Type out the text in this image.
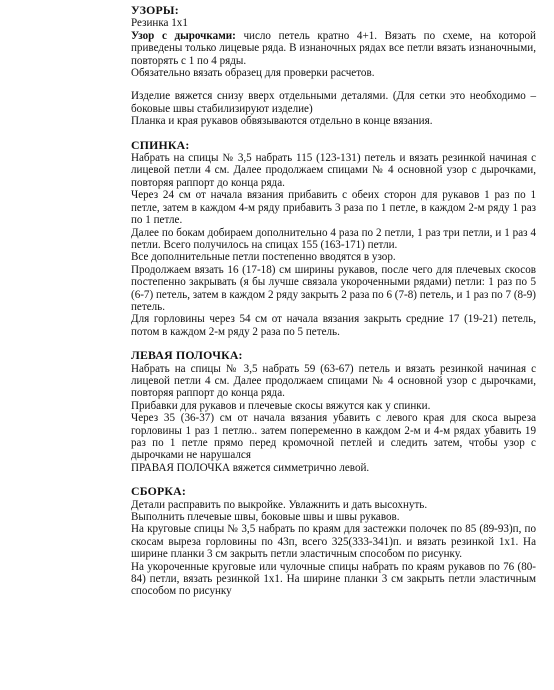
УЗОРЫ:

Резинка 1х1

Узор с дырочками: число петель кратно 4+1. Вязать по схеме, на которой приведены только лицевые ряда. В изнаночных рядах все петли вязать изнаночными, повторять с 1 по 4 ряды.

Обязательно вязать образец для проверки расчетов.

Изделие вяжется снизу вверх отдельными деталями. (Для сетки это необходимо – боковые швы стабилизируют изделие)

Планка и края рукавов обвязываются отдельно в конце вязания.

СПИНКА:

Набрать на спицы № 3,5 набрать 115 (123-131) петель и вязать резинкой начиная с лицевой петли 4 см. Далее продолжаем спицами № 4 основной узор с дырочками, повторяя раппорт до конца ряда.

Через 24 см от начала вязания прибавить с обеих сторон для рукавов 1 раз по 1 петле, затем в каждом 4-м ряду прибавить 3 раза по 1 петле, в каждом 2-м ряду 1 раз по 1 петле.

Далее по бокам добираем дополнительно 4 раза по 2 петли, 1 раз три петли, и 1 раз 4 петли. Всего получилось на спицах 155 (163-171) петли.

Все дополнительные петли постепенно вводятся в узор.

Продолжаем вязать 16 (17-18) см ширины рукавов, после чего для плечевых скосов постепенно закрывать (я бы лучше связала укороченными рядами) петли: 1 раз по 5 (6-7) петель, затем в каждом 2 ряду закрыть 2 раза по 6 (7-8) петель, и 1 раз по 7 (8-9) петель.

Для горловины через 54 см от начала вязания закрыть средние 17 (19-21) петель, потом в каждом 2-м ряду 2 раза по 5 петель.

ЛЕВАЯ ПОЛОЧКА:

Набрать на спицы № 3,5 набрать 59 (63-67) петель и вязать резинкой начиная с лицевой петли 4 см. Далее продолжаем спицами № 4 основной узор с дырочками, повторяя раппорт до конца ряда.

Прибавки для рукавов и плечевые скосы вяжутся как у спинки.

Через 35 (36-37) см от начала вязания убавить с левого края для скоса выреза горловины 1 раз 1 петлю.. затем попеременно в каждом 2-м и 4-м рядах убавить 19 раз по 1 петле прямо перед кромочной петлей и следить затем, чтобы узор с дырочками не нарушался

ПРАВАЯ ПОЛОЧКА вяжется симметрично левой.

СБОРКА:

Детали расправить по выкройке. Увлажнить и дать высохнуть.

Выполнить плечевые швы, боковые швы и швы рукавов.

На круговые спицы № 3,5 набрать по краям для застежки полочек по 85 (89-93)п, по скосам выреза горловины по 43п, всего 325(333-341)п. и вязать резинкой 1х1. На ширине планки 3 см закрыть петли эластичным способом по рисунку.

На укороченные круговые или чулочные спицы набрать по краям рукавов по 76 (80-84) петли, вязать резинкой 1х1. На ширине планки 3 см закрыть петли эластичным способом по рисунку
